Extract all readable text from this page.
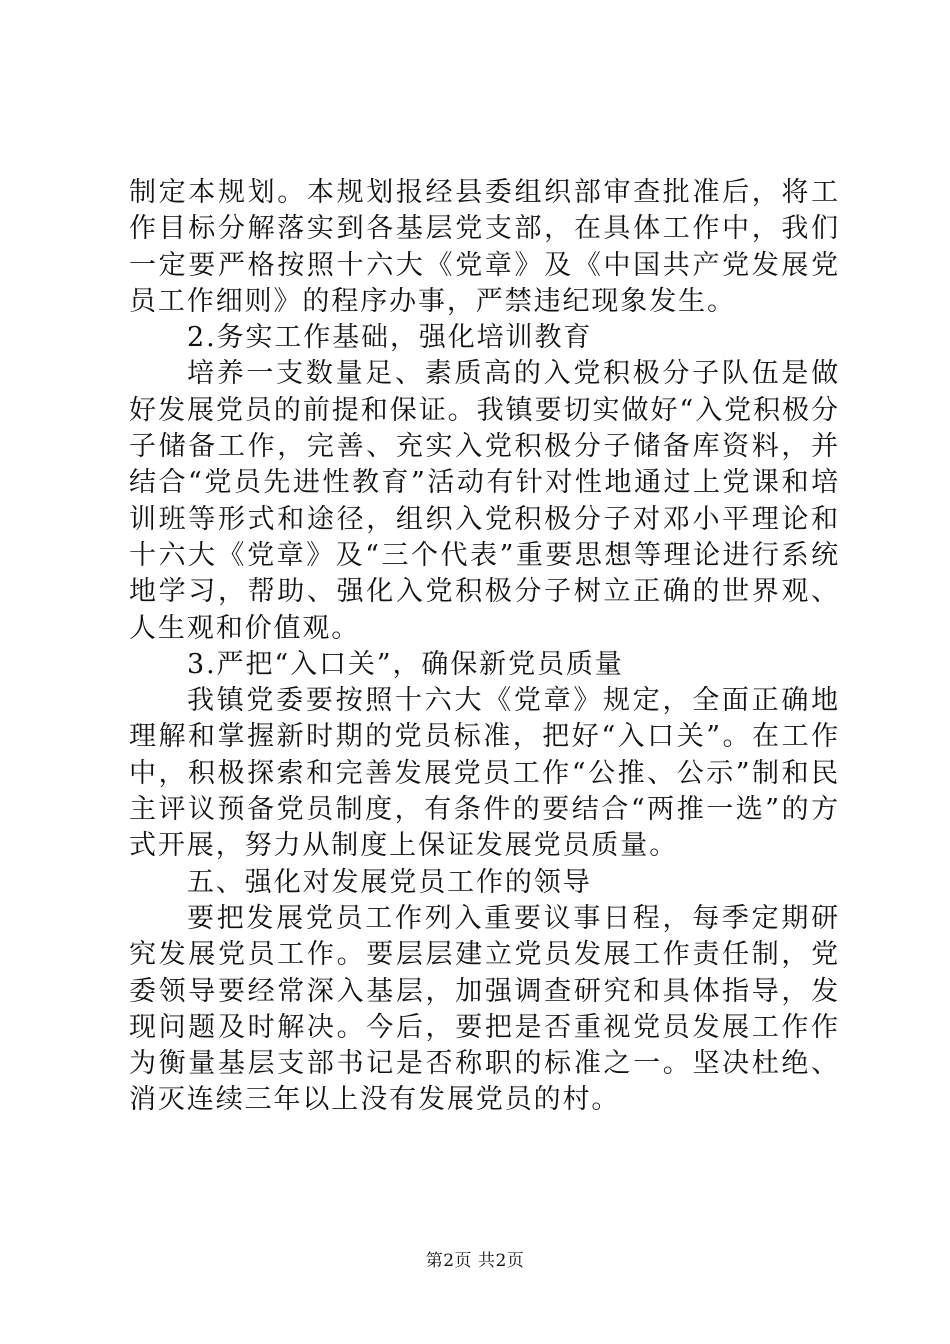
制定本规划。本规划报经县委组织部审查批准后，将工作目标分解落实到各基层党支部，在具体工作中，我们一定要严格按照十六大《党章》及《中国共产党发展党员工作细则》的程序办事，严禁违纪现象发生。

2.务实工作基础，强化培训教育

培养一支数量足、素质高的入党积极分子队伍是做好发展党员的前提和保证。我镇要切实做好“入党积极分子储备工作，完善、充实入党积极分子储备库资料，并结合“党员先进性教育”活动有针对性地通过上党课和培训班等形式和途径，组织入党积极分子对邓小平理论和十六大《党章》及“三个代表”重要思想等理论进行系统地学习，帮助、强化入党积极分子树立正确的世界观、人生观和价值观。

3.严把“入口关”，确保新党员质量

我镇党委要按照十六大《党章》规定，全面正确地理解和掌握新时期的党员标准，把好“入口关”。在工作中，积极探索和完善发展党员工作“公推、公示”制和民主评议预备党员制度，有条件的要结合“两推一选”的方式开展，努力从制度上保证发展党员质量。

五、强化对发展党员工作的领导

要把发展党员工作列入重要议事日程，每季定期研究发展党员工作。要层层建立党员发展工作责任制，党委领导要经常深入基层，加强调查研究和具体指导，发现问题及时解决。今后，要把是否重视党员发展工作作为衡量基层支部书记是否称职的标准之一。坚决杜绝、消灭连续三年以上没有发展党员的村。

第2页 共2页
